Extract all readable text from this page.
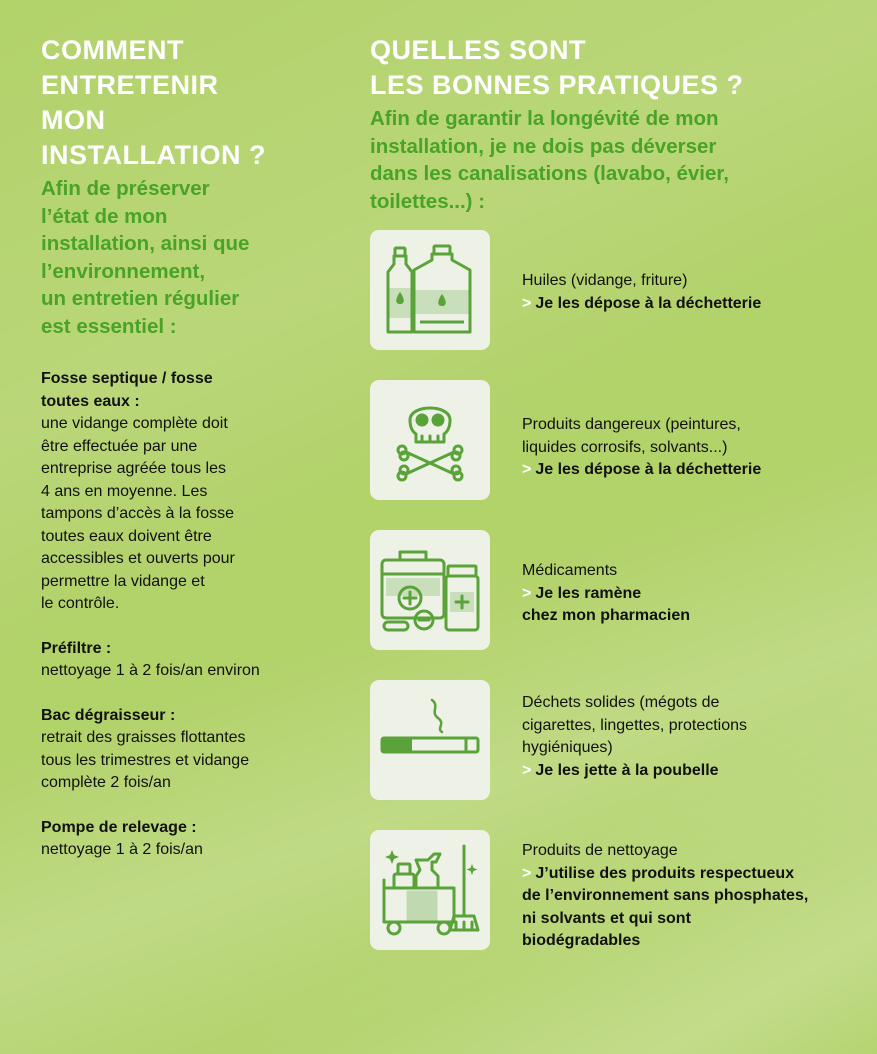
COMMENT
ENTRETENIR
MON
INSTALLATION ?

Afin de préserver
l’état de mon
installation, ainsi que
l’environnement,
un entretien régulier
est essentiel :

Fosse septique / fosse
toutes eaux :
une vidange complète doit
être effectuée par une
entreprise agréée tous les
4 ans en moyenne. Les
tampons d’accès à la fosse
toutes eaux doivent être
accessibles et ouverts pour
permettre la vidange et
le contrôle.
Préfiltre :
nettoyage 1 à 2 fois/an environ
Bac dégraisseur :
retrait des graisses flottantes
tous les trimestres et vidange
complète 2 fois/an
Pompe de relevage :
nettoyage 1 à 2 fois/an
QUELLES SONT
LES BONNES PRATIQUES ?

Afin de garantir la longévité de mon
installation, je ne dois pas déverser
dans les canalisations (lavabo, évier,
toilettes...) :

Huiles (vidange, friture)
> Je les dépose à la déchetterie
Produits dangereux (peintures,
liquides corrosifs, solvants...)
> Je les dépose à la déchetterie
Médicaments
> Je les ramène
chez mon pharmacien
Déchets solides (mégots de
cigarettes, lingettes, protections
hygiéniques)
> Je les jette à la poubelle
Produits de nettoyage
> J’utilise des produits respectueux
de l’environnement sans phosphates,
ni solvants et qui sont
biodégradables
